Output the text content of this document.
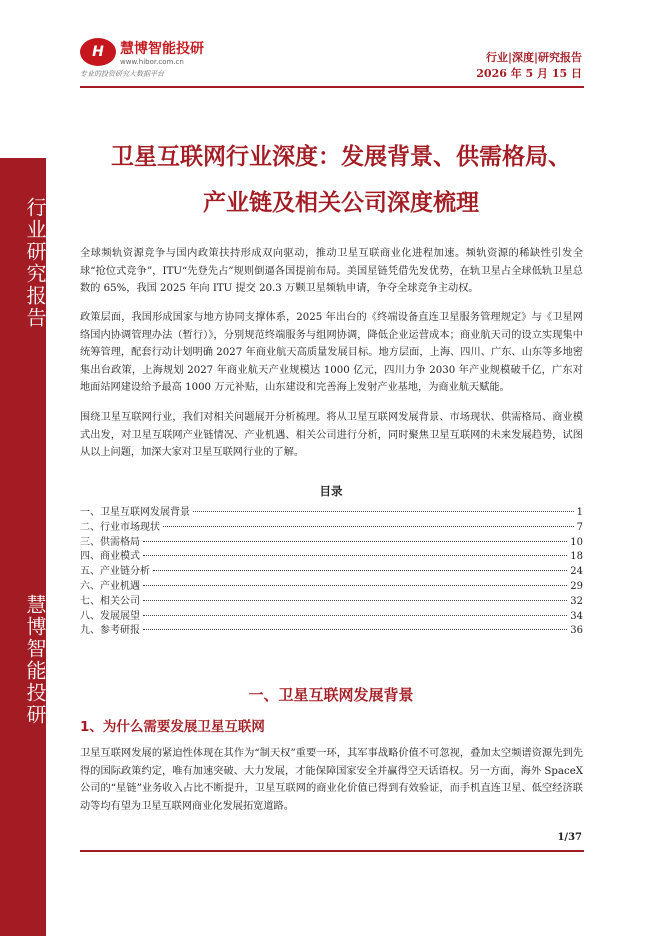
行业研究报告
慧博智能投研
H	慧博智能投研
www.hibor.com.cn
专业的投资研究大数据平台
行业|深度|研究报告
2026 年 5 月 15 日
卫星互联网行业深度：发展背景、供需格局、
产业链及相关公司深度梳理
全球频轨资源竞争与国内政策扶持形成双向驱动，推动卫星互联商业化进程加速。频轨资源的稀缺性引发全球“抢位式竞争”，ITU“先登先占”规则倒逼各国提前布局。美国星链凭借先发优势，在轨卫星占全球低轨卫星总数的 65%，我国 2025 年向 ITU 提交 20.3 万颗卫星频轨申请，争夺全球竞争主动权。
政策层面，我国形成国家与地方协同支撑体系，2025 年出台的《终端设备直连卫星服务管理规定》与《卫星网络国内协调管理办法（暂行）》，分别规范终端服务与组网协调，降低企业运营成本；商业航天司的设立实现集中统筹管理，配套行动计划明确 2027 年商业航天高质量发展目标。地方层面，上海、四川、广东、山东等多地密集出台政策，上海规划 2027 年商业航天产业规模达 1000 亿元，四川力争 2030 年产业规模破千亿，广东对地面站网建设给予最高 1000 万元补贴，山东建设和完善海上发射产业基地，为商业航天赋能。
围绕卫星互联网行业，我们对相关问题展开分析梳理。将从卫星互联网发展背景、市场现状、供需格局、商业模式出发，对卫星互联网产业链情况、产业机遇、相关公司进行分析，同时聚焦卫星互联网的未来发展趋势，试图从以上问题，加深大家对卫星互联网行业的了解。
目录
一、卫星互联网发展背景	1
二、行业市场现状	7
三、供需格局	10
四、商业模式	18
五、产业链分析	24
六、产业机遇	29
七、相关公司	32
八、发展展望	34
九、参考研报	36
一、卫星互联网发展背景
1、为什么需要发展卫星互联网
卫星互联网发展的紧迫性体现在其作为“制天权”重要一环，其军事战略价值不可忽视，叠加太空频谱资源先到先得的国际政策约定，唯有加速突破、大力发展，才能保障国家安全并赢得空天话语权。另一方面，海外 SpaceX 公司的“星链”业务收入占比不断提升，卫星互联网的商业化价值已得到有效验证，而手机直连卫星、低空经济联动等均有望为卫星互联网商业化发展拓宽道路。
1/37
